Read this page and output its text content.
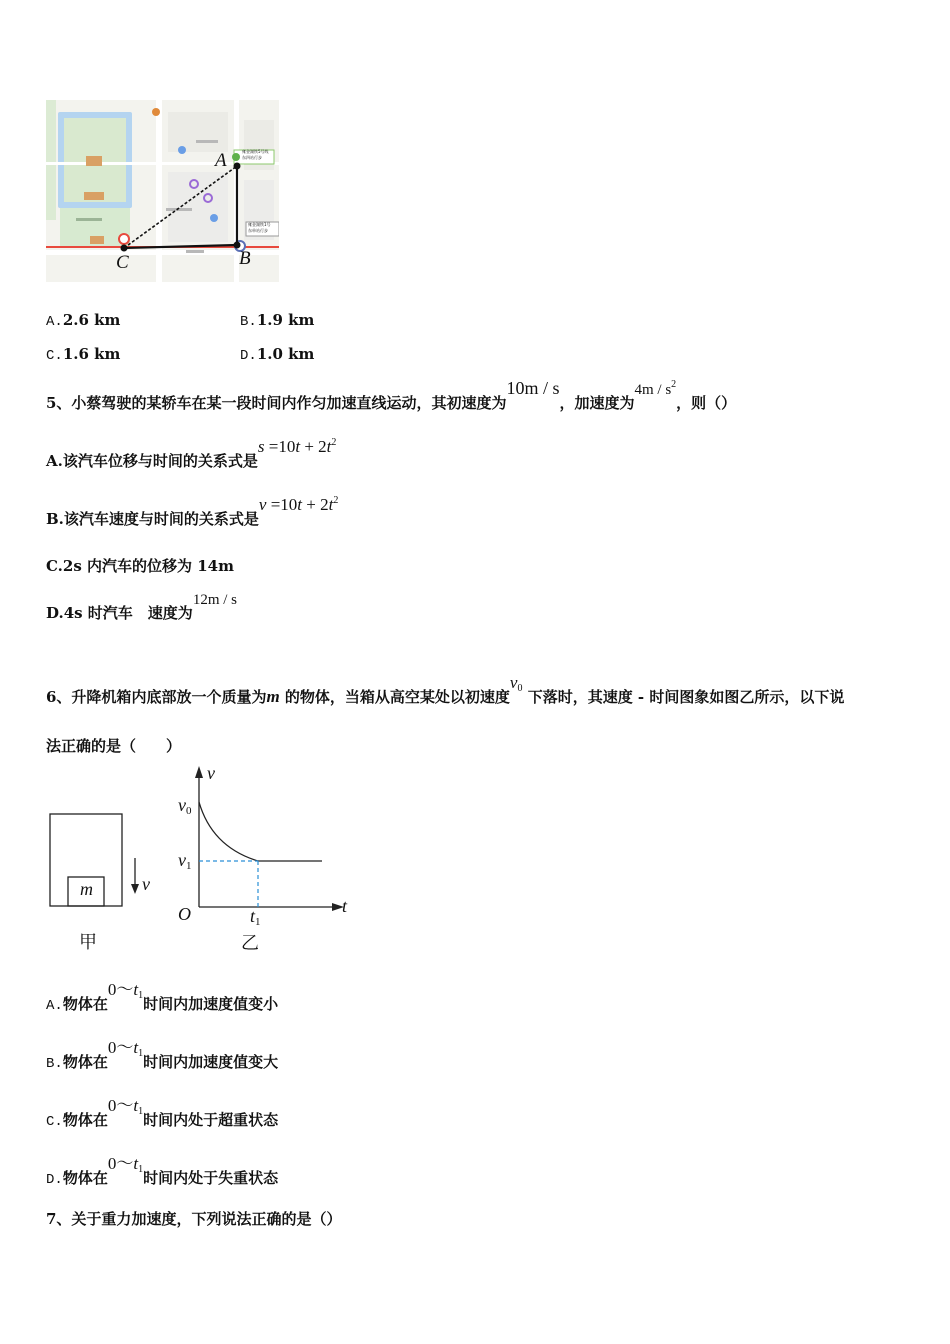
A
B
C
雍金湖铁5号线
东四站行步
雍金湖铁1号
东单站行步
A.2.6 km	B.1.9 km
C.1.6 km	D.1.0 km
5、小蔡驾驶的某轿车在某一段时间内作匀加速直线运动，其初速度为10m / s，加速度为$4m / s^2$，则（）
A.该汽车位移与时间的关系式是$s =10t + 2t^2$
B.该汽车速度与时间的关系式是$v =10t + 2t^2$
C.2s 内汽车的位移为 14m
D.4s 时汽车　速度为12m / s
6、升降机箱内底部放一个质量为m 的物体，当箱从高空某处以初速度$v_0$ 下落时，其速度 - 时间图象如图乙所示，以下说
法正确的是（　　）
m	v
甲
v
t
O
$v_0$
$v_1$
$t_1$
乙
A.物体在$0\sim t_1$时间内加速度值变小
B.物体在$0\sim t_1$时间内加速度值变大
C.物体在$0\sim t_1$时间内处于超重状态
D.物体在$0\sim t_1$时间内处于失重状态
7、关于重力加速度，下列说法正确的是（）
